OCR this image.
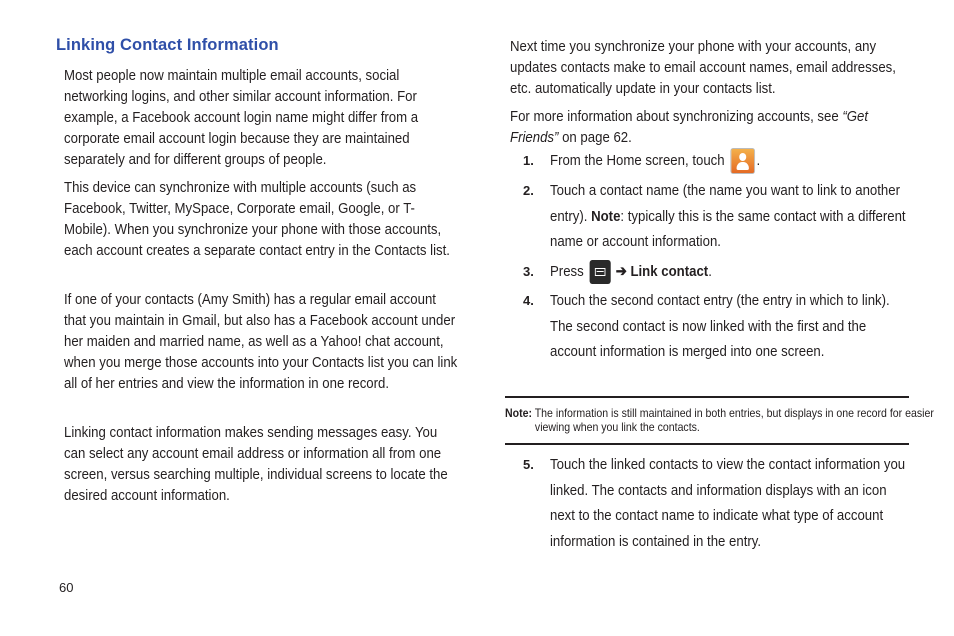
Linking Contact Information
Most people now maintain multiple email accounts, social networking logins, and other similar account information. For example, a Facebook account login name might differ from a corporate email account login because they are maintained separately and for different groups of people.
This device can synchronize with multiple accounts (such as Facebook, Twitter, MySpace, Corporate email, Google, or T-Mobile). When you synchronize your phone with those accounts, each account creates a separate contact entry in the Contacts list.
If one of your contacts (Amy Smith) has a regular email account that you maintain in Gmail, but also has a Facebook account under her maiden and married name, as well as a Yahoo! chat account, when you merge those accounts into your Contacts list you can link all of her entries and view the information in one record.
Linking contact information makes sending messages easy. You can select any account email address or information all from one screen, versus searching multiple, individual screens to locate the desired account information.
Next time you synchronize your phone with your accounts, any updates contacts make to email account names, email addresses, etc. automatically update in your contacts list.
For more information about synchronizing accounts, see “Get Friends” on page 62.
1. From the Home screen, touch
.
2. Touch a contact name (the name you want to link to another entry). Note: typically this is the same contact with a different name or account information.
3. Press
➔ Link contact.
4. Touch the second contact entry (the entry in which to link). The second contact is now linked with the first and the account information is merged into one screen.
Note: The information is still maintained in both entries, but displays in one record for easier viewing when you link the contacts.
5. Touch the linked contacts to view the contact information you linked. The contacts and information displays with an icon next to the contact name to indicate what type of account information is contained in the entry.
60
